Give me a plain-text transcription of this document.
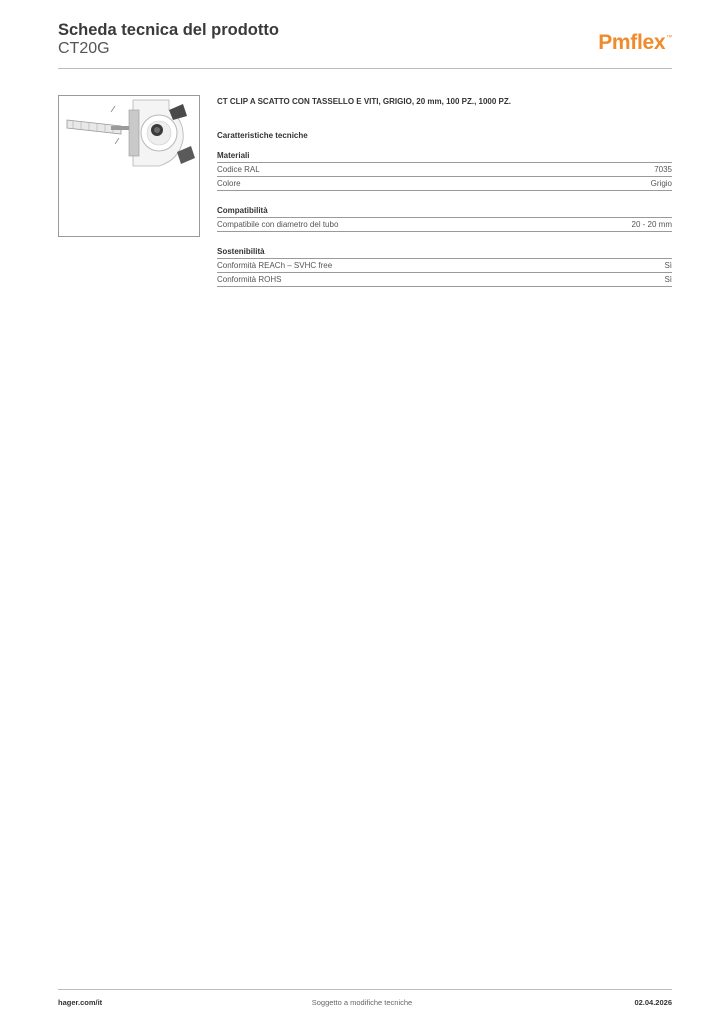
Scheda tecnica del prodotto
CT20G	Pmflex™

CT CLIP A SCATTO CON TASSELLO E VITI, GRIGIO, 20 mm, 100 PZ., 1000 PZ.

Caratteristiche tecniche
Materiali
Codice RAL	7035
Colore	Grigio
Compatibilità
Compatibile con diametro del tubo	20 - 20 mm
Sostenibilità
Conformità REACh – SVHC free	Sì
Conformità ROHS	Sì
hager.com/it	Soggetto a modifiche tecniche	02.04.2026
